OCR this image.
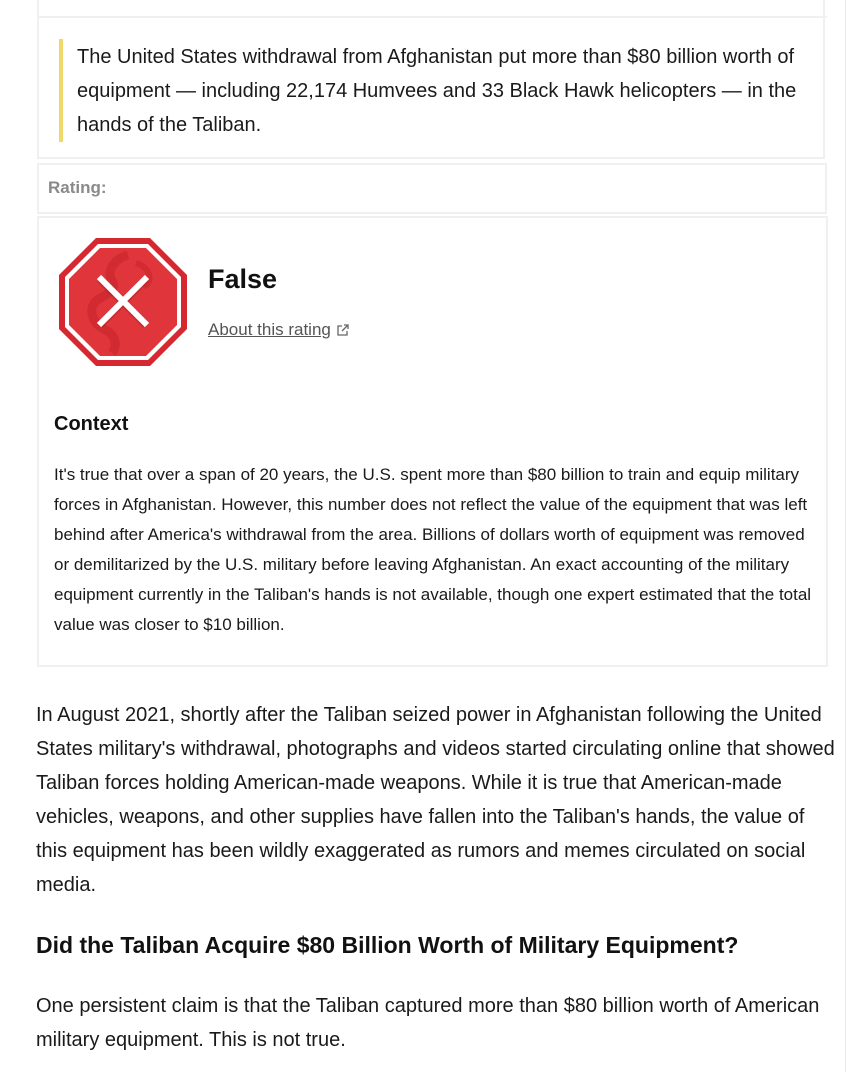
The United States withdrawal from Afghanistan put more than $80 billion worth of equipment — including 22,174 Humvees and 33 Black Hawk helicopters — in the hands of the Taliban.
Rating:
False
About this rating
Context
It's true that over a span of 20 years, the U.S. spent more than $80 billion to train and equip military forces in Afghanistan. However, this number does not reflect the value of the equipment that was left behind after America's withdrawal from the area. Billions of dollars worth of equipment was removed or demilitarized by the U.S. military before leaving Afghanistan. An exact accounting of the military equipment currently in the Taliban's hands is not available, though one expert estimated that the total value was closer to $10 billion.
In August 2021, shortly after the Taliban seized power in Afghanistan following the United States military's withdrawal, photographs and videos started circulating online that showed Taliban forces holding American-made weapons. While it is true that American-made vehicles, weapons, and other supplies have fallen into the Taliban's hands, the value of this equipment has been wildly exaggerated as rumors and memes circulated on social media.
Did the Taliban Acquire $80 Billion Worth of Military Equipment?
One persistent claim is that the Taliban captured more than $80 billion worth of American military equipment. This is not true.
